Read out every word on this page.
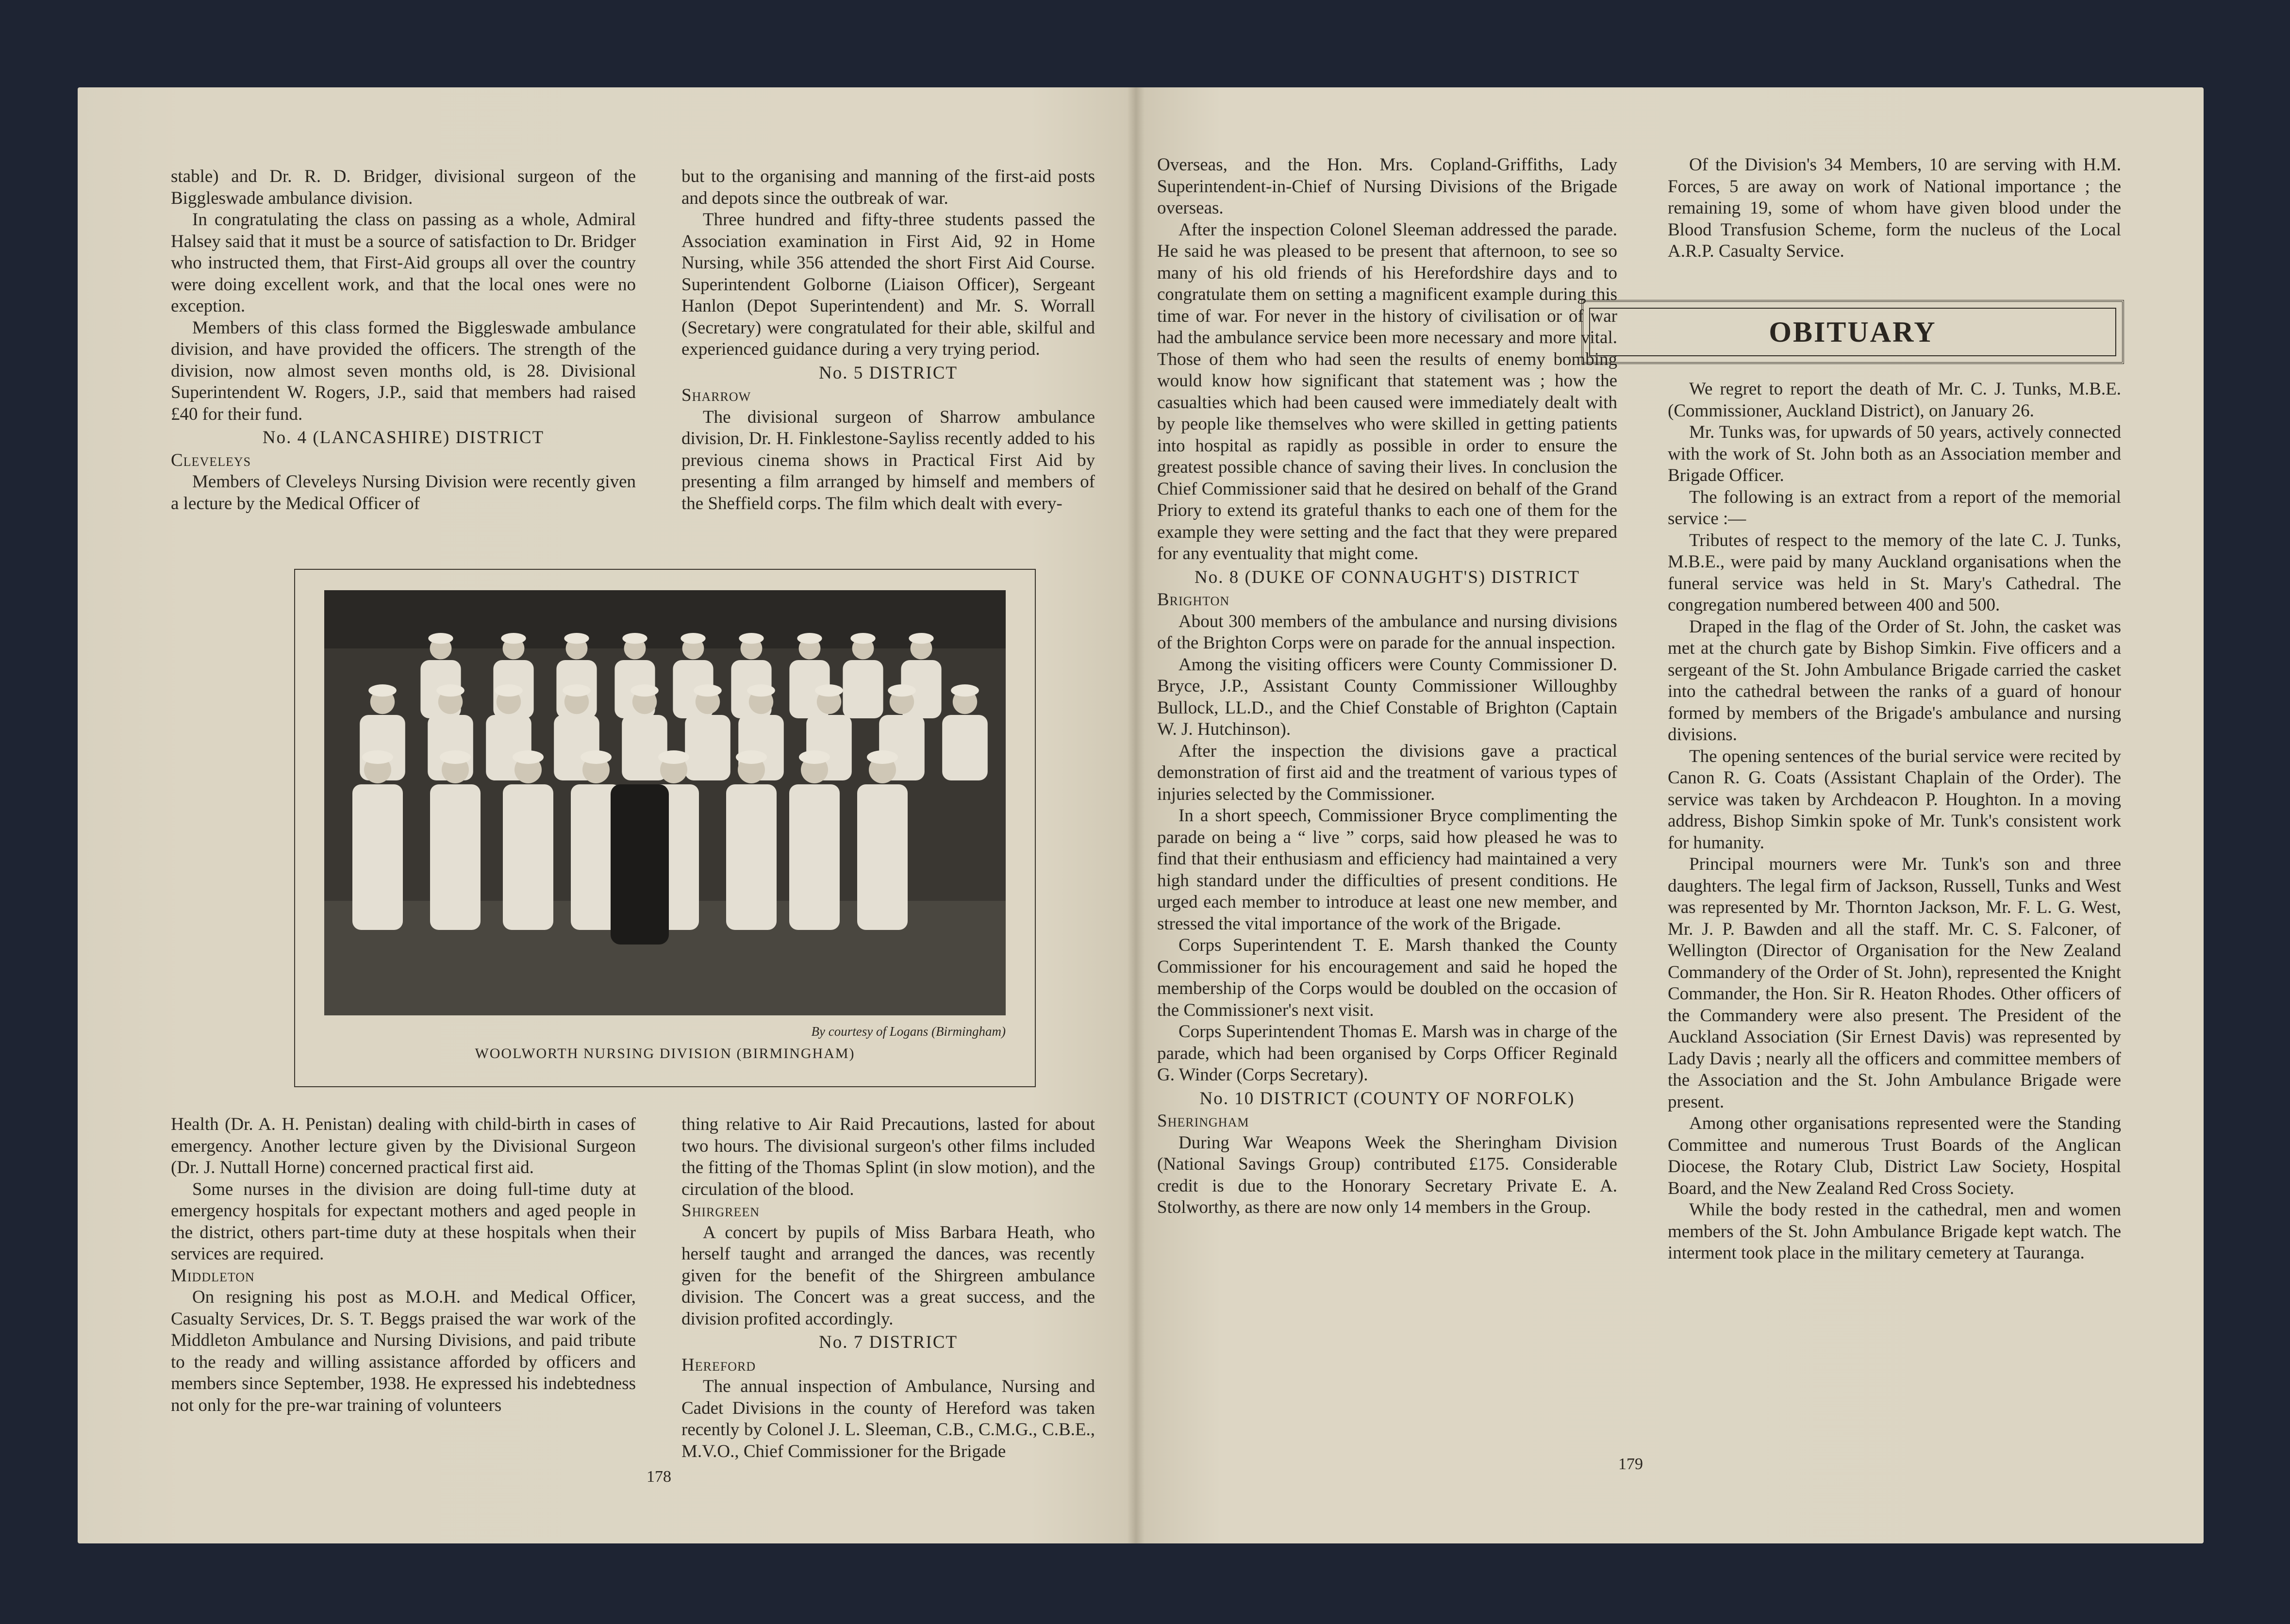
stable) and Dr. R. D. Bridger, divisional surgeon of the Biggleswade ambulance division.

In congratulating the class on passing as a whole, Admiral Halsey said that it must be a source of satisfaction to Dr. Bridger who instructed them, that First-Aid groups all over the country were doing excellent work, and that the local ones were no exception.

Members of this class formed the Biggleswade ambulance division, and have provided the officers. The strength of the division, now almost seven months old, is 28. Divisional Superintendent W. Rogers, J.P., said that members had raised £40 for their fund.

No. 4 (LANCASHIRE) DISTRICT

Cleveleys

Members of Cleveleys Nursing Division were recently given a lecture by the Medical Officer of

but to the organising and manning of the first-aid posts and depots since the outbreak of war.

Three hundred and fifty-three students passed the Association examination in First Aid, 92 in Home Nursing, while 356 attended the short First Aid Course. Superintendent Golborne (Liaison Officer), Sergeant Hanlon (Depot Superintendent) and Mr. S. Worrall (Secretary) were congratulated for their able, skilful and experienced guidance during a very trying period.

No. 5 DISTRICT

Sharrow

The divisional surgeon of Sharrow ambulance division, Dr. H. Finklestone-Sayliss recently added to his previous cinema shows in Practical First Aid by presenting a film arranged by himself and members of the Sheffield corps. The film which dealt with every-

By courtesy of Logans (Birmingham)
WOOLWORTH NURSING DIVISION (BIRMINGHAM)

Health (Dr. A. H. Penistan) dealing with child-birth in cases of emergency. Another lecture given by the Divisional Surgeon (Dr. J. Nuttall Horne) concerned practical first aid.

Some nurses in the division are doing full-time duty at emergency hospitals for expectant mothers and aged people in the district, others part-time duty at these hospitals when their services are required.

Middleton

On resigning his post as M.O.H. and Medical Officer, Casualty Services, Dr. S. T. Beggs praised the war work of the Middleton Ambulance and Nursing Divisions, and paid tribute to the ready and willing assistance afforded by officers and members since September, 1938. He expressed his indebtedness not only for the pre-war training of volunteers

thing relative to Air Raid Precautions, lasted for about two hours. The divisional surgeon's other films included the fitting of the Thomas Splint (in slow motion), and the circulation of the blood.

Shirgreen

A concert by pupils of Miss Barbara Heath, who herself taught and arranged the dances, was recently given for the benefit of the Shirgreen ambulance division. The Concert was a great success, and the division profited accordingly.

No. 7 DISTRICT

Hereford

The annual inspection of Ambulance, Nursing and Cadet Divisions in the county of Hereford was taken recently by Colonel J. L. Sleeman, C.B., C.M.G., C.B.E., M.V.O., Chief Commissioner for the Brigade

178

Overseas, and the Hon. Mrs. Copland-Griffiths, Lady Superintendent-in-Chief of Nursing Divisions of the Brigade overseas.

After the inspection Colonel Sleeman addressed the parade. He said he was pleased to be present that afternoon, to see so many of his old friends of his Herefordshire days and to congratulate them on setting a magnificent example during this time of war. For never in the history of civilisation or of war had the ambulance service been more necessary and more vital. Those of them who had seen the results of enemy bombing would know how significant that statement was ; how the casualties which had been caused were immediately dealt with by people like themselves who were skilled in getting patients into hospital as rapidly as possible in order to ensure the greatest possible chance of saving their lives. In conclusion the Chief Commissioner said that he desired on behalf of the Grand Priory to extend its grateful thanks to each one of them for the example they were setting and the fact that they were prepared for any eventuality that might come.

No. 8 (DUKE OF CONNAUGHT'S) DISTRICT

Brighton

About 300 members of the ambulance and nursing divisions of the Brighton Corps were on parade for the annual inspection.

Among the visiting officers were County Commissioner D. Bryce, J.P., Assistant County Commissioner Willoughby Bullock, LL.D., and the Chief Constable of Brighton (Captain W. J. Hutchinson).

After the inspection the divisions gave a practical demonstration of first aid and the treatment of various types of injuries selected by the Commissioner.

In a short speech, Commissioner Bryce complimenting the parade on being a “ live ” corps, said how pleased he was to find that their enthusiasm and efficiency had maintained a very high standard under the difficulties of present conditions. He urged each member to introduce at least one new member, and stressed the vital importance of the work of the Brigade.

Corps Superintendent T. E. Marsh thanked the County Commissioner for his encouragement and said he hoped the membership of the Corps would be doubled on the occasion of the Commissioner's next visit.

Corps Superintendent Thomas E. Marsh was in charge of the parade, which had been organised by Corps Officer Reginald G. Winder (Corps Secretary).

No. 10 DISTRICT (COUNTY OF NORFOLK)

Sheringham

During War Weapons Week the Sheringham Division (National Savings Group) contributed £175. Considerable credit is due to the Honorary Secretary Private E. A. Stolworthy, as there are now only 14 members in the Group.

Of the Division's 34 Members, 10 are serving with H.M. Forces, 5 are away on work of National importance ; the remaining 19, some of whom have given blood under the Blood Transfusion Scheme, form the nucleus of the Local A.R.P. Casualty Service.

OBITUARY

We regret to report the death of Mr. C. J. Tunks, M.B.E. (Commissioner, Auckland District), on January 26.

Mr. Tunks was, for upwards of 50 years, actively connected with the work of St. John both as an Association member and Brigade Officer.

The following is an extract from a report of the memorial service :—

Tributes of respect to the memory of the late C. J. Tunks, M.B.E., were paid by many Auckland organisations when the funeral service was held in St. Mary's Cathedral. The congregation numbered between 400 and 500.

Draped in the flag of the Order of St. John, the casket was met at the church gate by Bishop Simkin. Five officers and a sergeant of the St. John Ambulance Brigade carried the casket into the cathedral between the ranks of a guard of honour formed by members of the Brigade's ambulance and nursing divisions.

The opening sentences of the burial service were recited by Canon R. G. Coats (Assistant Chaplain of the Order). The service was taken by Archdeacon P. Houghton. In a moving address, Bishop Simkin spoke of Mr. Tunk's consistent work for humanity.

Principal mourners were Mr. Tunk's son and three daughters. The legal firm of Jackson, Russell, Tunks and West was represented by Mr. Thornton Jackson, Mr. F. L. G. West, Mr. J. P. Bawden and all the staff. Mr. C. S. Falconer, of Wellington (Director of Organisation for the New Zealand Commandery of the Order of St. John), represented the Knight Commander, the Hon. Sir R. Heaton Rhodes. Other officers of the Commandery were also present. The President of the Auckland Association (Sir Ernest Davis) was represented by Lady Davis ; nearly all the officers and committee members of the Association and the St. John Ambulance Brigade were present.

Among other organisations represented were the Standing Committee and numerous Trust Boards of the Anglican Diocese, the Rotary Club, District Law Society, Hospital Board, and the New Zealand Red Cross Society.

While the body rested in the cathedral, men and women members of the St. John Ambulance Brigade kept watch. The interment took place in the military cemetery at Tauranga.

179
